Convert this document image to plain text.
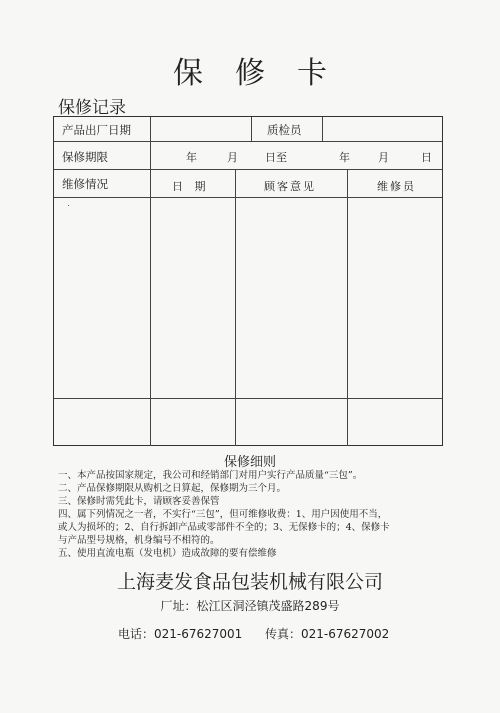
保修卡
保修记录
产品出厂日期	质检员
保修期限	年	月 日至	年	月	日
维修情况	日 期	顾客意见	维修员
保修细则
一、本产品按国家规定，我公司和经销部门对用户实行产品质量“三包”。
二、产品保修期限从购机之日算起，保修期为三个月。
三、保修时需凭此卡，请顾客妥善保管
四、属下列情况之一者，不实行“三包”，但可维修收费：1、用户因使用不当，
或人为损坏的；2、自行拆卸产品或零部件不全的；3、无保修卡的；4、保修卡
与产品型号规格，机身编号不相符的。
五、使用直流电瓶（发电机）造成故障的要有偿维修
上海麦发食品包装机械有限公司
厂址：松江区洞泾镇茂盛路289号
电话：021-67627001 传真：021-67627002
